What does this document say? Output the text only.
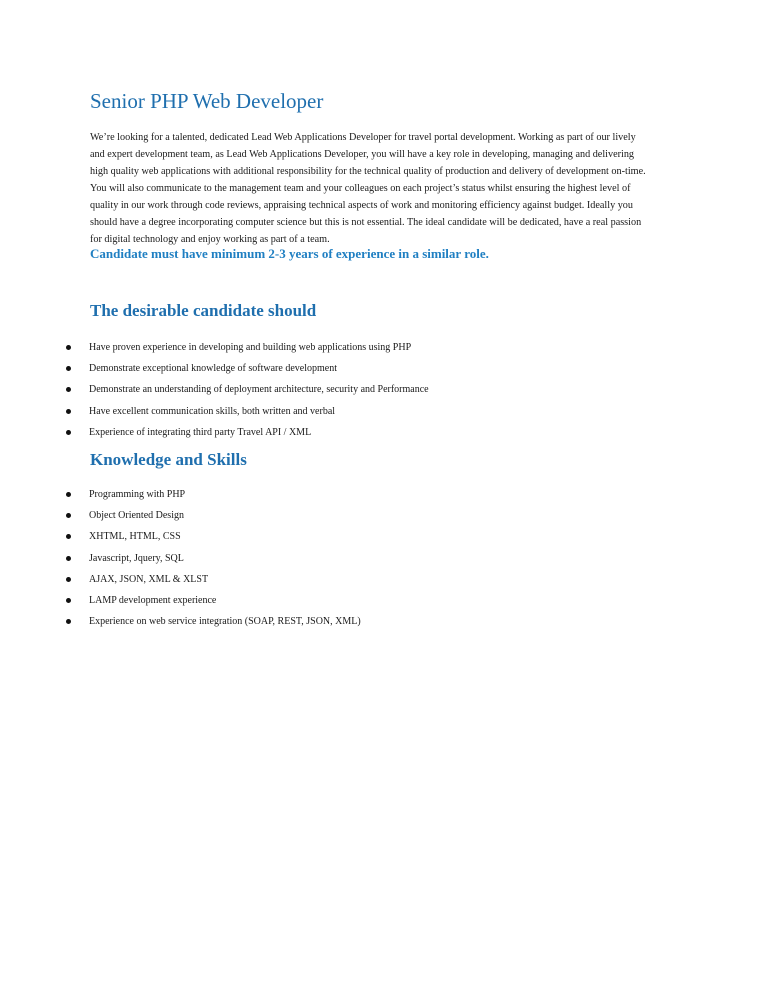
Senior PHP Web Developer
We’re looking for a talented, dedicated Lead Web Applications Developer for travel portal development. Working as part of our lively
and expert development team, as Lead Web Applications Developer, you will have a key role in developing, managing and delivering
high quality web applications with additional responsibility for the technical quality of production and delivery of development on-time.
You will also communicate to the management team and your colleagues on each project’s status whilst ensuring the highest level of
quality in our work through code reviews, appraising technical aspects of work and monitoring efficiency against budget. Ideally you
should have a degree incorporating computer science but this is not essential. The ideal candidate will be dedicated, have a real passion
for digital technology and enjoy working as part of a team.
Candidate must have minimum 2-3 years of experience in a similar role.
The desirable candidate should
Have proven experience in developing and building web applications using PHP
Demonstrate exceptional knowledge of software development
Demonstrate an understanding of deployment architecture, security and Performance
Have excellent communication skills, both written and verbal
Experience of integrating third party Travel API / XML
Knowledge and Skills
Programming with PHP
Object Oriented Design
XHTML, HTML, CSS
Javascript, Jquery, SQL
AJAX, JSON, XML & XLST
LAMP development experience
Experience on web service integration (SOAP, REST, JSON, XML)
